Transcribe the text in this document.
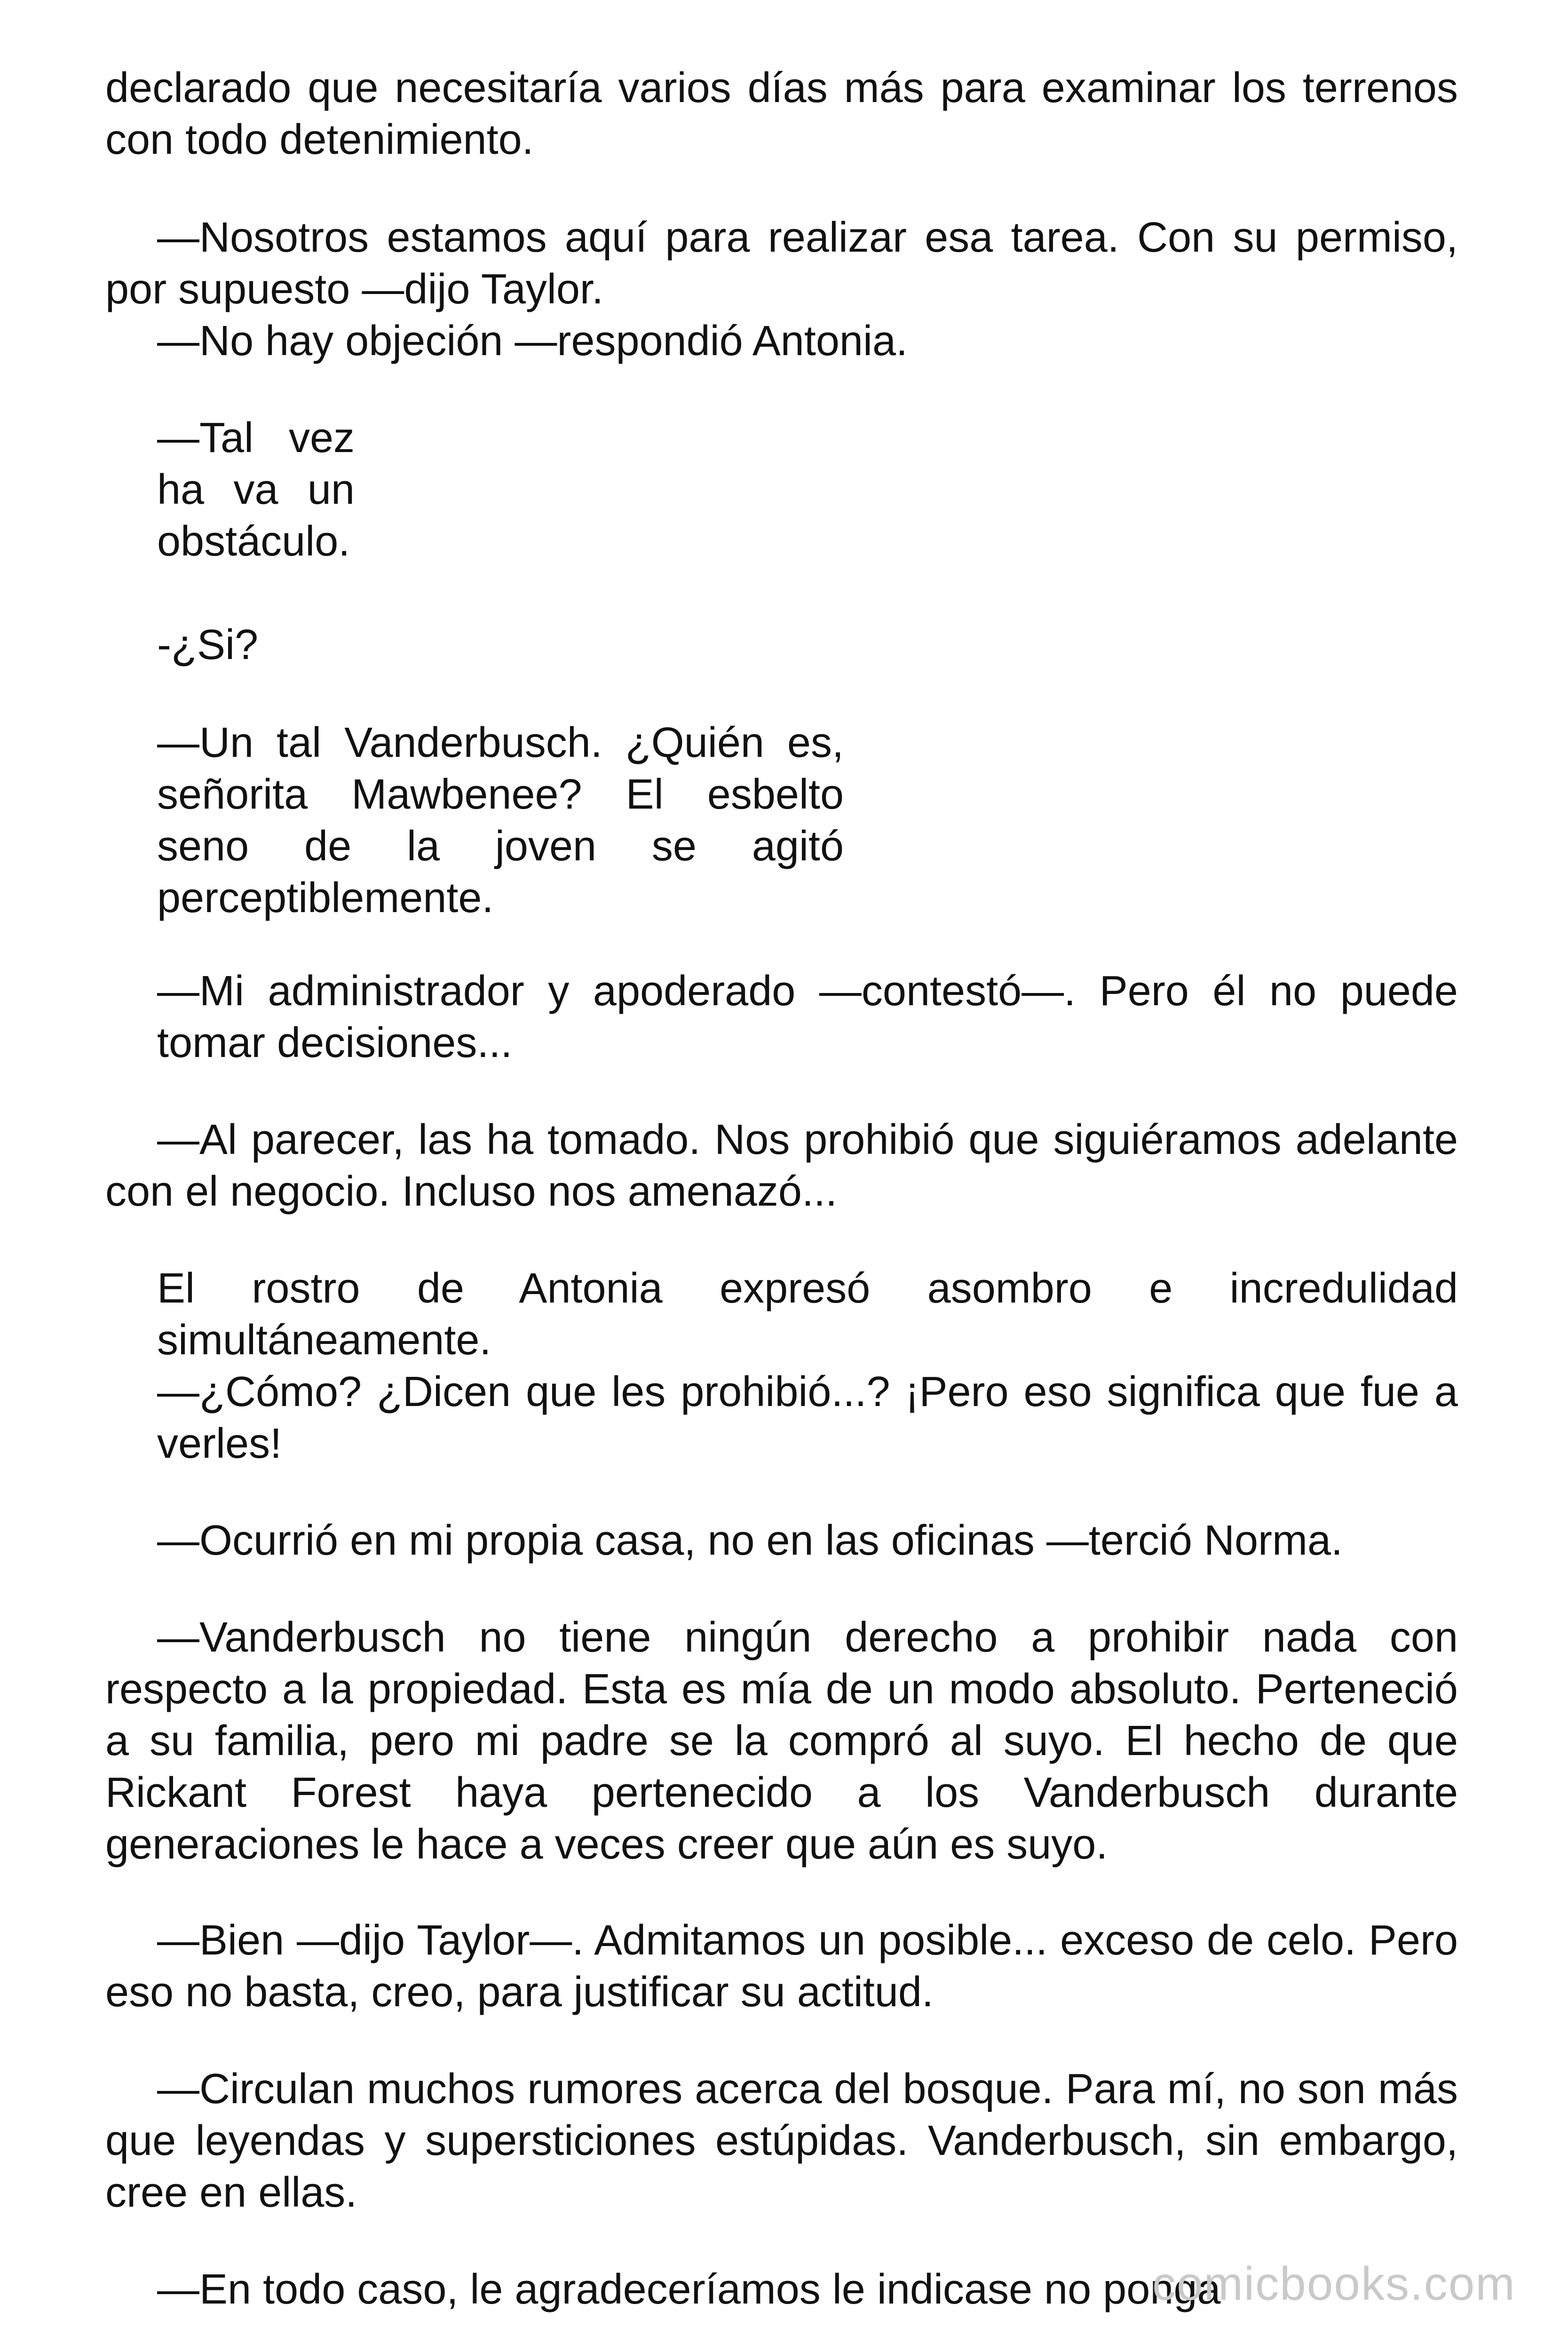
declarado que necesitaría varios días más para examinar los terrenos con todo detenimiento.

—Nosotros estamos aquí para realizar esa tarea. Con su permiso, por supuesto —dijo Taylor.

—No hay objeción —respondió Antonia.

—Tal vez ha va un obstáculo.

-¿Si?

—Un tal Vanderbusch. ¿Quién es, señorita Mawbenee? El esbelto seno de la joven se agitó perceptiblemente.

—Mi administrador y apoderado —contestó—. Pero él no puede tomar decisiones...

—Al parecer, las ha tomado. Nos prohibió que siguiéramos adelante con el negocio. Incluso nos amenazó...

El rostro de Antonia expresó asombro e incredulidad simultáneamente.

—¿Cómo? ¿Dicen que les prohibió...? ¡Pero eso significa que fue a verles!

—Ocurrió en mi propia casa, no en las oficinas —terció Norma.

—Vanderbusch no tiene ningún derecho a prohibir nada con respecto a la propiedad. Esta es mía de un modo absoluto. Perteneció a su familia, pero mi padre se la compró al suyo. El hecho de que Rickant Forest haya pertenecido a los Vanderbusch durante generaciones le hace a veces creer que aún es suyo.

—Bien —dijo Taylor—. Admitamos un posible... exceso de celo. Pero eso no basta, creo, para justificar su actitud.

—Circulan muchos rumores acerca del bosque. Para mí, no son más que leyendas y supersticiones estúpidas. Vanderbusch, sin embargo, cree en ellas.

—En todo caso, le agradeceríamos le indicase no ponga

comicbooks.com
